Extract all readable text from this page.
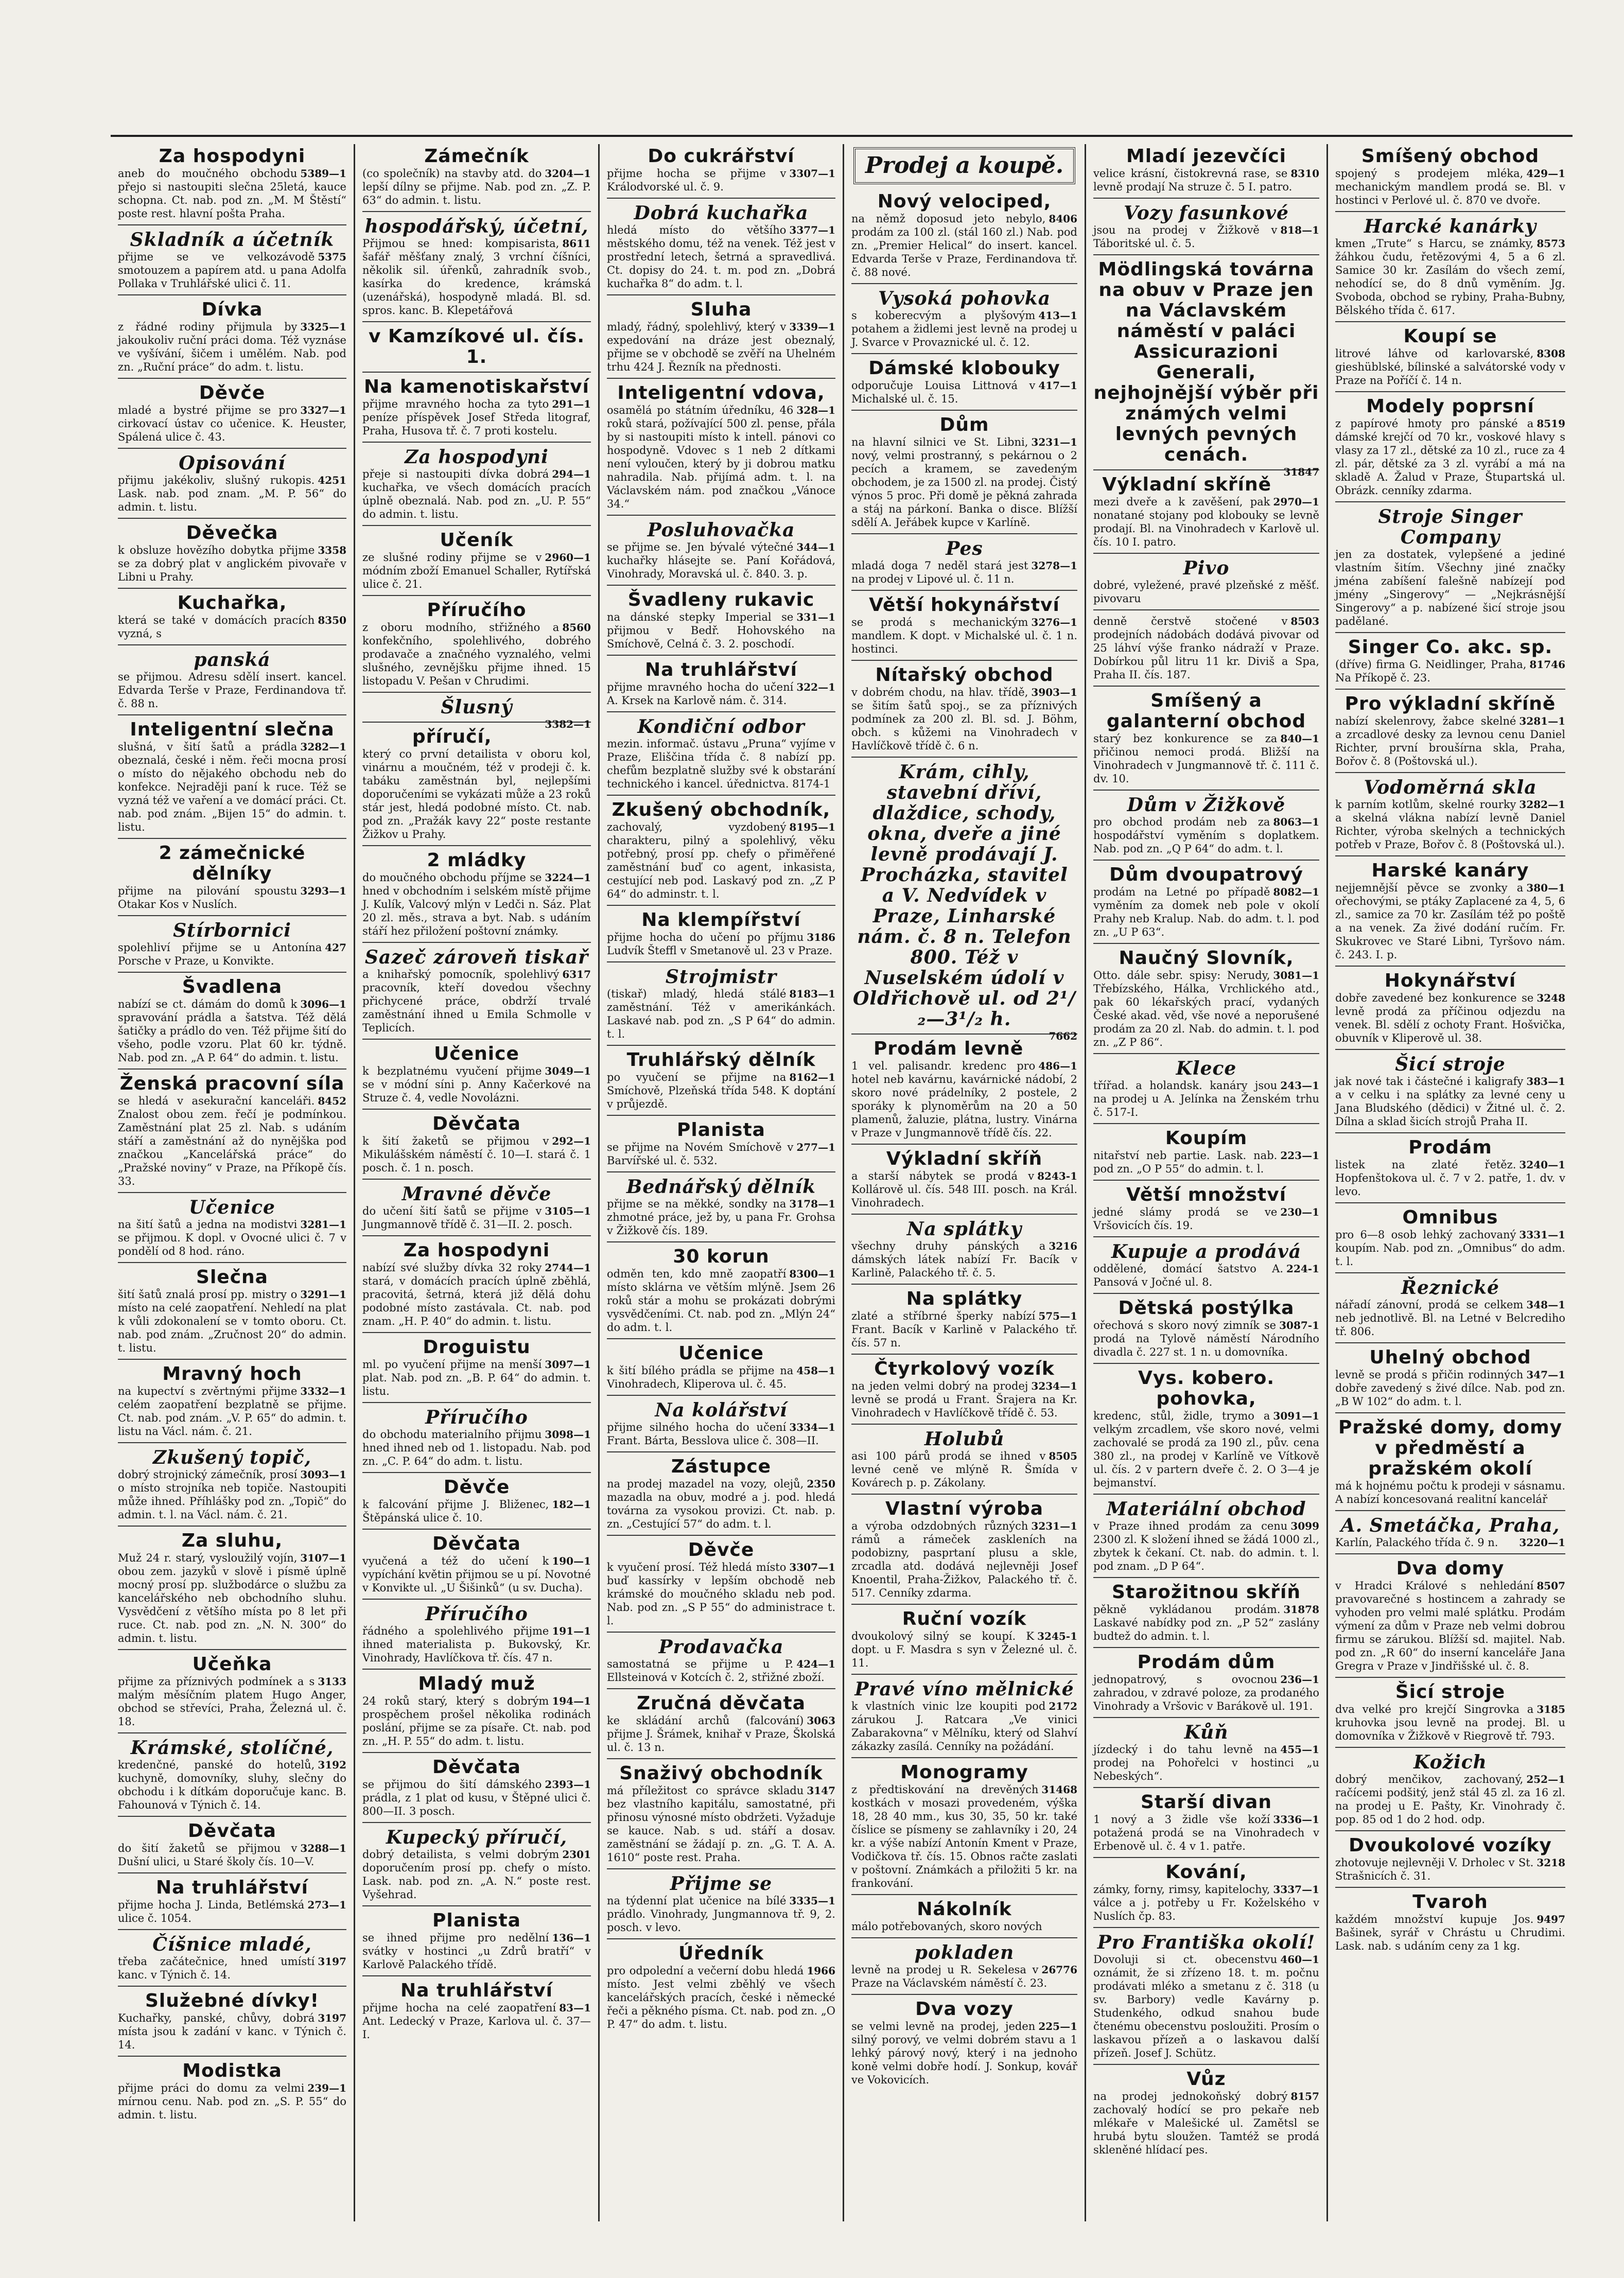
Za hospodyni
5389—1
aneb do moučného obchodu přejo si nastoupiti slečna 25letá, kauce schopna. Ct. nab. pod zn. „M. M Štěstí“ poste rest. hlavní pošta Praha.
Skladník a účetník
5375
přijme se ve velkozávodě smotouzem a papírem atd. u pana Adolfa Pollaka v Truhlářské ulici č. 11.
Dívka
3325—1
z řádné rodiny přijmula by jakoukoliv ruční práci doma. Též vyznáse ve vyšívání, šičem i umělém. Nab. pod zn. „Ruční práce“ do adm. t. listu.
Děvče
3327—1
mladé a bystré přijme se pro cirkovací ústav co učenice. K. Heuster, Spálená ulice č. 43.
Opisování
4251
přijmu jakékoliv, slušný rukopis. Lask. nab. pod znam. „M. P. 56“ do admin. t. listu.
Děvečka
3358
k obsluze hovězího dobytka přijme se za dobrý plat v anglickém pivovaře v Libni u Prahy.
Kuchařka,
8350
která se také v domácích pracích vyzná, s
panská
se přijmou. Adresu sdělí insert. kancel. Edvarda Terše v Praze, Ferdinandova tř. č. 88 n.
Inteligentní slečna
3282—1
slušná, v šití šatů a prádla obeznalá, české i něm. řeči mocna prosí o místo do nějakého obchodu neb do konfekce. Nejraději paní k ruce. Též se vyzná též ve vaření a ve domácí práci. Ct. nab. pod znám. „Bijen 15“ do admin. t. listu.
2 zámečnické dělníky
3293—1
přijme na pilování spoustu Otakar Kos v Nuslích.
Stírbornici
427
spolehliví přijme se u Antonína Porsche v Praze, u Konvikte.
Švadlena
3096—1
nabízí se ct. dámám do domů k spravování prádla a šatstva. Též dělá šatičky a prádlo do ven. Též přijme šití do všeho, podle vzoru. Plat 60 kr. týdně. Nab. pod zn. „A P. 64“ do admin. t. listu.
Ženská pracovní síla
8452
se hledá v asekurační kanceláři. Znalost obou zem. řečí je podmínkou. Zaměstnání plat 25 zl. Nab. s udáním stáří a zaměstnání až do nynějška pod značkou „Kancelářská práce“ do „Pražské noviny“ v Praze, na Příkopě čís. 33.
Učenice
3281—1
na šití šatů a jedna na modistvi se přijmou. K dopl. v Ovocné ulici č. 7 v pondělí od 8 hod. ráno.
Slečna
3291—1
šití šatů znalá prosí pp. mistry o místo na celé zaopatření. Nehledí na plat k vůli zdokonalení se v tomto oboru. Ct. nab. pod znám. „Zručnost 20“ do admin. t. listu.
Mravný hoch
3332—1
na kupectví s zvěrtnými přijme celém zaopatření bezplatně se přijme. Ct. nab. pod znám. „V. P. 65“ do admin. t. listu na Václ. nám. č. 21.
Zkušený topič,
3093—1
dobrý strojnický zámečník, prosí o místo strojníka neb topiče. Nastoupiti může ihned. Příhlášky pod zn. „Topič“ do admin. t. l. na Václ. nám. č. 21.
Za sluhu,
3107—1
Muž 24 r. starý, vysloužilý vojín, obou zem. jazyků v slově i písmě úplně mocný prosí pp. službodárce o službu za kancelářského neb obchodního sluhu. Vysvědčení z většího místa po 8 let při ruce. Ct. nab. pod zn. „N. N. 300“ do admin. t. listu.
Učeňka
3133
přijme za příznivých podmínek a s malým měsíčním platem Hugo Anger, obchod se střevíci, Praha, Železná ul. č. 18.
Krámské, stolíčné,
3192
kredenčné, panské do hotelů, kuchyně, domovníky, sluhy, slečny do obchodu i k dítkám doporučuje kanc. B. Fahounová v Týnich č. 14.
Děvčata
3288—1
do šití žaketů se přijmou v Dušní ulici, u Staré školy čís. 10—V.
Na truhlářství
273—1
přijme hocha J. Linda, Betlémská ulice č. 1054.
Číšnice mladé,
3197
třeba začátečnice, hned umístí kanc. v Týnich č. 14.
Služebné dívky!
3197
Kuchařky, panské, chůvy, dobrá místa jsou k zadání v kanc. v Týnich č. 14.
Modistka
239—1
přijme práci do domu za velmi mírnou cenu. Nab. pod zn. „S. P. 55“ do admin. t. listu.
Zámečník
3204—1
(co společník) na stavby atd. do lepší dílny se přijme. Nab. pod zn. „Z. P. 63“ do admin. t. listu.
hospodářský, účetní,
8611
Přijmou se hned: kompisarista, šafář měšťany znalý, 3 vrchní číšníci, několik sil. úřenků, zahradník svob., kasírka do kredence, krámská (uzenářská), hospodyně mladá. Bl. sd. spros. kanc. B. Klepetářová
v Kamzíkové ul. čís. 1.
Na kamenotiskařství
291—1
přijme mravného hocha za tyto peníze příspěvek Josef Středa litograf, Praha, Husova tř. č. 7 proti kostelu.
Za hospodyni
294—1
přeje si nastoupiti dívka dobrá kuchařka, ve všech domácích pracích úplně obeznalá. Nab. pod zn. „U. P. 55“ do admin. t. listu.
Učeník
2960—1
ze slušné rodiny přijme se v módním zboží Emanuel Schaller, Rytířská ulice č. 21.
Příručího
8560
z oboru modního, střižného a konfekčního, spolehlivého, dobrého prodavače a značného vyznalého, velmi slušného, zevnějšku přijme ihned. 15 listopadu V. Pešan v Chrudimi.
Šlusný
3382—1
příručí,
který co první detailista v oboru kol, vinárnu a moučném, též v prodeji č. k. tabáku zaměstnán byl, nejlepšími doporučeními se vykázati může a 23 roků stár jest, hledá podobné místo. Ct. nab. pod zn. „Pražák kavy 22“ poste restante Žižkov u Prahy.
2 mládky
3224—1
do moučného obchodu příjme se hned v obchodním i selském místě přijme J. Kulík, Valcový mlýn v Ledči n. Sáz. Plat 20 zl. měs., strava a byt. Nab. s udáním stáří hez přiložení poštovní známky.
Sazeč zároveň tiskař
6317
a knihařský pomocník, spolehlivý pracovník, kteří dovedou všechny přichycené práce, obdrží trvalé zaměstnání ihned u Emila Schmolle v Teplicích.
Učenice
3049—1
k bezplatnému vyučení přijme se v módní síni p. Anny Kačerkové na Struze č. 4, vedle Novolázni.
Děvčata
292—1
k šití žaketů se přijmou v Mikulášském náměstí č. 10—I. stará č. 1 posch. č. 1 n. posch.
Mravné děvče
3105—1
do učení šití šatů se přijme v Jungmannově třídě č. 31—II. 2. posch.
Za hospodyni
2744—1
nabízí své služby dívka 32 roky stará, v domácích pracích úplně zběhlá, pracovitá, šetrná, která již dělá dohu podobné místo zastávala. Ct. nab. pod znam. „H. P. 40“ do admin. t. listu.
Droguistu
3097—1
ml. po vyučení přijme na menší plat. Nab. pod zn. „B. P. 64“ do admin. t. listu.
Příručího
3098—1
do obchodu materialního přijmu hned ihned neb od 1. listopadu. Nab. pod zn. „C. P. 64“ do adm. t. listu.
Děvče
182—1
k falcování přijme J. Bliženec, Štěpánská ulice č. 10.
Děvčata
190—1
vyučená a též do učení k vypíchání květin přijmou se u pí. Novotné v Konvikte ul. „U Šišinků“ (u sv. Ducha).
Příručího
191—1
řádného a spolehlivého přijme ihned materialista p. Bukovský, Kr. Vinohrady, Havlíčkova tř. čís. 47 n.
Mladý muž
194—1
24 roků starý, který s dobrým prospěchem prošel několika rodinách poslání, přijme se za písaře. Ct. nab. pod zn. „H. P. 55“ do adm. t. listu.
Děvčata
2393—1
se přijmou do šití dámského prádla, z 1 plat od kusu, v Štěpné ulici č. 800—II. 3 posch.
Kupecký příručí,
2301
dobrý detailista, s velmi dobrým doporučením prosí pp. chefy o místo. Lask. nab. pod zn. „A. N.“ poste rest. Vyšehrad.
Planista
136—1
se ihned přijme pro nedělní svátky v hostinci „u Zdrů bratří“ v Karlově Palackého třídě.
Na truhlářství
83—1
přijme hocha na celé zaopatření Ant. Ledecký v Praze, Karlova ul. č. 37—I.
Do cukrářství
3307—1
přijme hocha se přijme v Králodvorské ul. č. 9.
Dobrá kuchařka
3377—1
hledá místo do většího městského domu, též na venek. Též jest v prostřední letech, šetrná a spravedlivá. Ct. dopisy do 24. t. m. pod zn. „Dobrá kuchařka 8“ do adm. t. l.
Sluha
3339—1
mladý, řádný, spolehlivý, který v expedování na dráze jest obeznalý, přijme se v obchodě se zvěří na Uhelném trhu 424 J. Řezník na přednosti.
Inteligentní vdova,
328—1
osamělá po státním úředníku, 46 roků stará, požívající 500 zl. pense, přála by si nastoupiti místo k intell. pánovi co hospodyně. Vdovec s 1 neb 2 dítkami není vyloučen, který by ji dobrou matku nahradila. Nab. přijímá adm. t. l. na Václavském nám. pod značkou „Vánoce 34.“
Posluhovačka
344—1
se přijme se. Jen bývalé výtečné kuchařky hlásejte se. Paní Kořádová, Vinohrady, Moravská ul. č. 840. 3. p.
Švadleny rukavic
331—1
na dánské stepky Imperial se přijmou v Bedř. Hohovského na Smíchově, Celná č. 3. 2. poschodí.
Na truhlářství
322—1
přijme mravného hocha do učení A. Krsek na Karlově nám. č. 314.
Kondiční odbor
mezin. informač. ústavu „Pruna“ vyjíme v Praze, Eliščina třída č. 8 nabízí pp. chefům bezplatně služby své k obstarání technického i kancel. úřednictva. 8174-1
Zkušený obchodník,
8195—1
zachovalý, vyzdobený charakteru, pilný a spolehlivý, věku potřebný, prosí pp. chefy o přiměřené zaměstnání buď co agent, inkasista, cestující neb pod. Laskavý pod zn. „Z P 64“ do adminstr. t. l.
Na klempířství
3186
přijme hocha do učení po příjmu Ludvík Šteffl v Smetanově ul. 23 v Praze.
Strojmistr
8183—1
(tiskař) mladý, hledá stálé zaměstnání. Též v amerikánkách. Laskavé nab. pod zn. „S P 64“ do admin. t. l.
Truhlářský dělník
8162—1
po vyučení se přijme na Smíchově, Plzeňská třída 548. K doptání v průjezdě.
Planista
277—1
se přijme na Novém Smíchově v Barvířské ul. č. 532.
Bednářský dělník
3178—1
přijme se na měkké, sondky na zhmotné práce, jež by, u pana Fr. Grohsa v Žižkově čís. 189.
30 korun
8300—1
odměn ten, kdo mně zaopatří místo sklárna ve větším mlýně. Jsem 26 roků stár a mohu se prokázati dobrými vysvědčeními. Ct. nab. pod zn. „Mlýn 24“ do adm. t. l.
Učenice
458—1
k šití bílého prádla se přijme na Vinohradech, Kliperova ul. č. 45.
Na kolářství
3334—1
přijme silného hocha do učení Frant. Bárta, Besslova ulice č. 308—II.
Zástupce
2350
na prodej mazadel na vozy, olejů, mazadla na obuv, modré a j. pod. hledá továrna za vysokou provizi. Ct. nab. p. zn. „Cestující 57“ do adm. t. l.
Děvče
3307—1
k vyučení prosí. Též hledá místo buď kassírky v lepším obchodě neb krámské do moučného skladu neb pod. Nab. pod zn. „S P 55“ do administrace t. l.
Prodavačka
424—1
samostatná se přijme u P. Ellsteinová v Kotcích č. 2, střižné zboží.
Zručná děvčata
3063
ke skládání archů (falcování) přijme J. Šrámek, knihař v Praze, Školská ul. č. 13 n.
Snaživý obchodník
3147
má příležitost co správce skladu bez vlastního kapitálu, samostatné, při přinosu výnosné místo obdržeti. Vyžaduje se kauce. Nab. s ud. stáří a dosav. zaměstnání se žádají p. zn. „G. T. A. A. 1610“ poste rest. Praha.
Přijme se
3335—1
na týdenní plat učenice na bílé prádlo. Vinohrady, Jungmannova tř. 9, 2. posch. v levo.
Úředník
1966
pro odpolední a večerní dobu hledá místo. Jest velmi zběhlý ve všech kancelářských pracích, české i německé řeči a pěkného písma. Ct. nab. pod zn. „O P. 47“ do adm. t. listu.
Prodej a koupě.
Nový velociped,
8406
na němž doposud jeto nebylo, prodám za 100 zl. (stál 160 zl.) Nab. pod zn. „Premier Helical“ do insert. kancel. Edvarda Terše v Praze, Ferdinandova tř. č. 88 nové.
Vysoká pohovka
413—1
s koberecvým a plyšovým potahem a židlemi jest levně na prodej u J. Svarce v Provaznické ul. č. 12.
Dámské klobouky
417—1
odporučuje Louisa Littnová v Michalské ul. č. 15.
Dům
3231—1
na hlavní silnici ve St. Libni, nový, velmi prostranný, s pekárnou o 2 pecích a kramem, se zavedeným obchodem, je za 1500 zl. na prodej. Čistý výnos 5 proc. Při domě je pěkná zahrada a stáj na párkoní. Banka o disce. Blížší sdělí A. Jeřábek kupce v Karlíně.
Pes
3278—1
mladá doga 7 neděl stará jest na prodej v Lipové ul. č. 11 n.
Větší hokynářství
3276—1
se prodá s mechanickým mandlem. K dopt. v Michalské ul. č. 1 n. hostinci.
Nítařský obchod
3903—1
v dobrém chodu, na hlav. třídě, se šitím šatů spoj., se za příznivých podmínek za 200 zl. Bl. sd. J. Böhm, obch. s kůžemi na Vinohradech v Havlíčkově třídě č. 6 n.
Krám, cihly, stavební dříví, dlaždice, schody, okna, dveře a jiné levně prodávají J. Procházka, stavitel a V. Nedvídek v Praze, Linharské nám. č. 8 n. Telefon 800. Též v Nuselském údolí v Oldřichově ul. od 2¹/₂—3¹/₂ h.
7662
Prodám levně
486—1
1 vel. palisandr. kredenc pro hotel neb kavárnu, kavárnické nádobí, 2 skoro nové prádelníky, 2 postele, 2 sporáky k plynoměrům na 20 a 50 plamenů, žaluzie, plátna, lustry. Vinárna v Praze v Jungmannově třídě čís. 22.
Výkladní skříň
8243-1
a starší nábytek se prodá v Kollárově ul. čís. 548 III. posch. na Král. Vinohradech.
Na splátky
3216
všechny druhy pánských a dámských látek nabízí Fr. Bacík v Karlině, Palackého tř. č. 5.
Na splátky
575—1
zlaté a stříbrné šperky nabízí Frant. Bacík v Karlině v Palackého tř. čís. 57 n.
Čtyrkolový vozík
3234—1
na jeden velmi dobrý na prodej levně se prodá u Frant. Šrajera na Kr. Vinohradech v Havlíčkově třídě č. 53.
Holubů
8505
asi 100 párů prodá se ihned v levné ceně ve mlýně R. Šmída v Kovárech p. p. Zákolany.
Vlastní výroba
3231—1
a výroba odzdobných různých rámů a rámeček zaskleních na podobizny, pasprtaní plusu a skle, zrcadla atd. dodává nejlevněji Josef Knoentil, Praha-Žižkov, Palackého tř. č. 517. Cenníky zdarma.
Ruční vozík
3245-1
dvoukolový silný se koupí. K dopt. u F. Masdra s syn v Železné ul. č. 11.
Pravé víno mělnické
2172
k vlastních vinic lze koupiti pod zárukou J. Ratcara „Ve vinici Zabarakovna“ v Mělníku, který od Slahví zákazky zasílá. Cenníky na požádání.
Monogramy
31468
z předtiskování na drevěných kostkách v mosazi provedeném, výška 18, 28 40 mm., kus 30, 35, 50 kr. také číslice se písmeny se zahlavníky i 20, 24 kr. a výše nabízí Antonín Kment v Praze, Vodičkova tř. čís. 15. Obnos račte zaslati v poštovní. Známkách a přiložiti 5 kr. na frankování.
Nákolník
málo potřebovaných, skoro nových
pokladen
26776
levně na prodej u R. Sekelesa v Praze na Václavském náměstí č. 23.
Dva vozy
225—1
se velmi levně na prodej, jeden silný porový, ve velmi dobrém stavu a 1 lehký párový nový, který i na jednoho koně velmi dobře hodí. J. Sonkup, kovář ve Vokovicích.
Mladí jezevčíci
8310
velice krásní, čistokrevná rase, se levně prodají Na struze č. 5 I. patro.
Vozy fasunkové
818—1
jsou na prodej v Žižkově v Táboritské ul. č. 5.
Mödlingská továrna na obuv v Praze jen na Václavském náměstí v paláci Assicurazioni Generali, nejhojnější výběr při známých velmi levných pevných cenách.
31847
Výkladní skříně
2970—1
mezi dveře a k zavěšení, pak nonatané stojany pod klobouky se levně prodají. Bl. na Vinohradech v Karlově ul. čís. 10 I. patro.
Pivo
dobré, vyležené, pravé plzeňské z měšť. pivovaru
8503
denně čerstvě stočené v prodejních nádobách dodává pivovar od 25 láhví výše franko nádraží v Praze. Dobírkou půl litru 11 kr. Diviš a Spa, Praha II. čís. 187.
Smíšený a galanterní obchod
840—1
starý bez konkurence se za přičinou nemoci prodá. Bližší na Vinohradech v Jungmannově tř. č. 111 č. dv. 10.
Dům v Žižkově
8063—1
pro obchod prodám neb za hospodářství vyměním s doplatkem. Nab. pod zn. „Q P 64“ do adm. t. l.
Dům dvoupatrový
8082—1
prodám na Letné po případě vyměním za domek neb pole v okolí Prahy neb Kralup. Nab. do adm. t. l. pod zn. „U P 63“.
Naučný Slovník,
3081—1
Otto. dále sebr. spisy: Nerudy, Třebízského, Hálka, Vrchlického atd., pak 60 lékařských prací, vydaných České akad. věd, vše nové a neporušené prodám za 20 zl. Nab. do admin. t. l. pod zn. „Z P 86“.
Klece
243—1
třířad. a holandsk. kanáry jsou na prodej u A. Jelínka na Ženském trhu č. 517-I.
Koupím
223—1
nitařství neb partie. Lask. nab. pod zn. „O P 55“ do admin. t. l.
Větší množství
230—1
jedné slámy prodá se ve Vršovicích čís. 19.
Kupuje a prodává
224-1
oddělené, domácí šatstvo A. Pansová v Jočné ul. 8.
Dětská postýlka
3087-1
ořechová s skoro nový zimník se prodá na Tylově náměstí Národního divadla č. 227 st. 1 n. u domovníka.
Vys. kobero. pohovka,
3091—1
kredenc, stůl, židle, trymo a velkým zrcadlem, vše skoro nové, velmi zachovalé se prodá za 190 zl., pův. cena 380 zl., na prodej v Karlíně ve Vítkově ul. čís. 2 v partern dveře č. 2. O 3—4 je bejmanství.
Materiální obchod
3099
v Praze ihned prodám za cenu 2300 zl. K složení ihned se žádá 1000 zl., zbytek k čekaní. Ct. nab. do admin. t. l. pod znam. „D P 64“.
Starožitnou skříň
31878
pěkně vykládanou prodám. Laskavé nabídky pod zn. „P 52“ zaslány budtež do admin. t. l.
Prodám dům
236—1
jednopatrový, s ovocnou zahradou, v zdravé poloze, za prodaného Vinohrady a Vršovic v Barákově ul. 191.
Kůň
455—1
jízdecký i do tahu levně na prodej na Pohořelci v hostinci „u Nebeských“.
Starší divan
3336—1
1 nový a 3 židle vše koží potažená prodá se na Vinohradech v Erbenově ul. č. 4 v 1. patře.
Kování,
3337—1
zámky, forny, rimsy, kapitelochy, válce a j. potřeby u Fr. Koželského v Nuslích čp. 83.
Pro Františka okolí!
460—1
Dovoluji si ct. obecenstvu oznámit, že si zřízeno 18. t. m. počnu prodávati mléko a smetanu z č. 318 (u sv. Barbory) vedle Kavárny p. Studenkého, odkud snahou bude čtenému obecenstvu posloužiti. Prosím o laskavou přízeň a o laskavou další přízeň. Josef J. Schütz.
Vůz
8157
na prodej jednokoňský dobrý zachovalý hodící se pro pekaře neb mlékaře v Malešické ul. Zamětsl se hrubá bytu sloužen. Tamtéž se prodá skleněné hlídací pes.
Smíšený obchod
429—1
spojený s prodejem mléka, mechanickým mandlem prodá se. Bl. v hostinci v Perlové ul. č. 870 ve dvoře.
Harcké kanárky
8573
kmen „Trute“ s Harcu, se známky, žáhkou čudu, řetězovými 4, 5 a 6 zl. Samice 30 kr. Zasílám do všech zemí, nehodící se, do 8 dnů vyměním. Jg. Svoboda, obchod se rybiny, Praha-Bubny, Bělského třída č. 617.
Koupí se
8308
litrové láhve od karlovarské, gieshüblské, bílinské a salvátorské vody v Praze na Poříčí č. 14 n.
Modely poprsní
8519
z papírové hmoty pro pánské a dámské krejčí od 70 kr., voskové hlavy s vlasy za 17 zl., dětské za 10 zl., ruce za 4 zl. pár, dětské za 3 zl. vyrábí a má na skladě A. Žalud v Praze, Štupartská ul. Obrázk. cenníky zdarma.
Stroje Singer Company
jen za dostatek, vylepšené a jediné vlastním šitím. Všechny jiné značky jména zabíšení falešně nabízejí pod jmény „Singerovy“ — „Nejkrásnější Singerovy“ a p. nabízené šicí stroje jsou padělané.
Singer Co. akc. sp.
81746
(dříve) firma G. Neidlinger, Praha, Na Příkopě č. 23.
Pro výkladní skříně
3281—1
nabízí skelenrovy, žabce skelné a zrcadlové desky za levnou cenu Daniel Richter, první broušírna skla, Praha, Bořov č. 8 (Poštovská ul.).
Vodoměrná skla
3282—1
k parním kotlům, skelné rourky a skelná vlákna nabízí levně Daniel Richter, výroba skelných a technických potřeb v Praze, Bořov č. 8 (Poštovská ul.).
Harské kanáry
380—1
nejjemnější pěvce se zvonky a ořechovými, se ptáky Zaplacené za 4, 5, 6 zl., samice za 70 kr. Zasílám též po poště a na venek. Za živé dodání ručím. Fr. Skukrovec ve Staré Libni, Tyršovo nám. č. 243. I. p.
Hokynářství
3248
dobře zavedené bez konkurence se levně prodá za příčinou odjezdu na venek. Bl. sdělí z ochoty Frant. Hošvička, obuvník v Kliperově ul. 38.
Šicí stroje
383—1
jak nové tak i částečné i kaligrafy a v celku i na splátky za levné ceny u Jana Bludského (dědici) v Žitné ul. č. 2. Dílna a sklad šicích strojů Praha II.
Prodám
3240—1
listek na zlaté řetěz. Hopfenštokova ul. č. 7 v 2. patře, 1. dv. v levo.
Omnibus
3331—1
pro 6—8 osob lehký zachovaný koupím. Nab. pod zn. „Omnibus“ do adm. t. l.
Řeznické
348—1
nářadí zánovní, prodá se celkem neb jednotlivě. Bl. na Letné v Belcrediho tř. 806.
Uhelný obchod
347—1
levně se prodá s přičin rodinných dobře zavedený s živé dílce. Nab. pod zn. „B W 102“ do adm. t. l.
Pražské domy, domy v předměstí a pražském okolí
má k hojnému počtu k prodeji v sásnamu. A nabízí koncesovaná realitní kancelář
A. Smetáčka, Praha,
3220—1
Karlín, Palackého třída č. 9 n.
Dva domy
8507
v Hradci Králové s nehledání pravovarečné s hostincem a zahrady se vyhoden pro velmi malé splátku. Prodám výmení za dům v Praze neb velmi dobrou firmu se zárukou. Blížší sd. majitel. Nab. pod zn. „R 60“ do inserní kanceláře Jana Gregra v Praze v Jindřišské ul. č. 8.
Šicí stroje
3185
dva velké pro krejčí Singrovka a kruhovka jsou levně na prodej. Bl. u domovníka v Žižkově v Riegrově tř. 793.
Kožich
252—1
dobrý menčikov, zachovaný, račícemi podšitý, jenž stál 45 zl. za 16 zl. na prodej u E. Pašty, Kr. Vinohrady č. pop. 85 od 1 do 2 hod. odp.
Dvoukolové vozíky
3218
zhotovuje nejlevněji V. Drholec v St. Strašnicích č. 31.
Tvaroh
9497
každém množství kupuje Jos. Bašinek, syrář v Chrástu u Chrudimi. Lask. nab. s udáním ceny za 1 kg.
